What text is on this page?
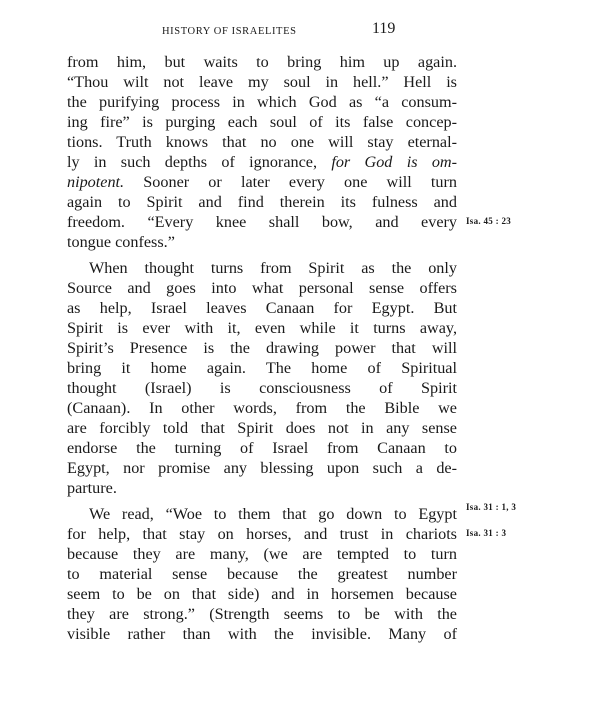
HISTORY OF ISRAELITES	119
from him, but waits to bring him up again.
“Thou wilt not leave my soul in hell.” Hell is
the purifying process in which God as “a consum-
ing fire” is purging each soul of its false concep-
tions. Truth knows that no one will stay eternal-
ly in such depths of ignorance, for God is om-
nipotent. Sooner or later every one will turn
again to Spirit and find therein its fulness and
freedom. “Every knee shall bow, and every
tongue confess.”
When thought turns from Spirit as the only
Source and goes into what personal sense offers
as help, Israel leaves Canaan for Egypt. But
Spirit is ever with it, even while it turns away,
Spirit’s Presence is the drawing power that will
bring it home again. The home of Spiritual
thought (Israel) is consciousness of Spirit
(Canaan). In other words, from the Bible we
are forcibly told that Spirit does not in any sense
endorse the turning of Israel from Canaan to
Egypt, nor promise any blessing upon such a de-
parture.
We read, “Woe to them that go down to Egypt
for help, that stay on horses, and trust in chariots
because they are many, (we are tempted to turn
to material sense because the greatest number
seem to be on that side) and in horsemen because
they are strong.” (Strength seems to be with the
visible rather than with the invisible. Many of
Isa. 45 : 23
Isa. 31 : 1, 3
Isa. 31 : 3
